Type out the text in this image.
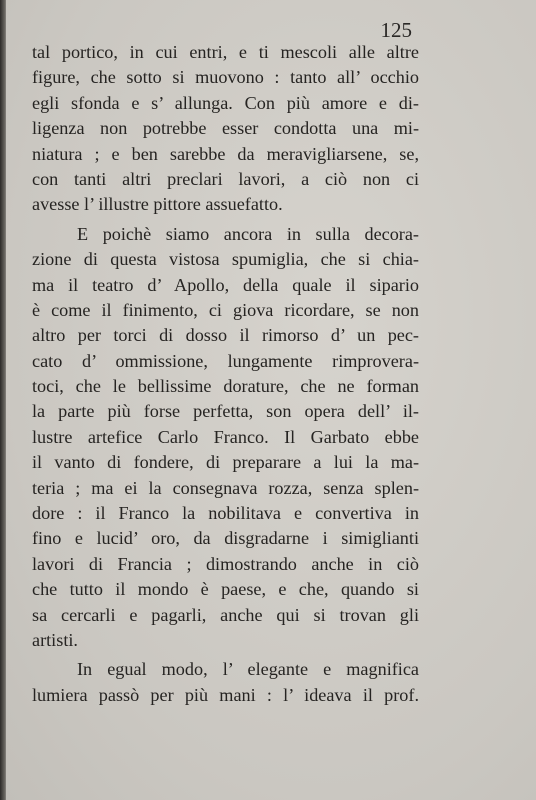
125
tal portico, in cui entri, e ti mescoli alle altre
figure, che sotto si muovono : tanto all’ occhio
egli sfonda e s’ allunga. Con più amore e di-
ligenza non potrebbe esser condotta una mi-
niatura ; e ben sarebbe da meravigliarsene, se,
con tanti altri preclari lavori, a ciò non ci
avesse l’ illustre pittore assuefatto.
E poichè siamo ancora in sulla decora-
zione di questa vistosa spumiglia, che si chia-
ma il teatro d’ Apollo, della quale il sipario
è come il finimento, ci giova ricordare, se non
altro per torci di dosso il rimorso d’ un pec-
cato d’ ommissione, lungamente rimprovera-
toci, che le bellissime dorature, che ne forman
la parte più forse perfetta, son opera dell’ il-
lustre artefice Carlo Franco. Il Garbato ebbe
il vanto di fondere, di preparare a lui la ma-
teria ; ma ei la consegnava rozza, senza splen-
dore : il Franco la nobilitava e convertiva in
fino e lucid’ oro, da disgradarne i simiglianti
lavori di Francia ; dimostrando anche in ciò
che tutto il mondo è paese, e che, quando si
sa cercarli e pagarli, anche qui si trovan gli
artisti.
In egual modo, l’ elegante e magnifica
lumiera passò per più mani : l’ ideava il prof.
